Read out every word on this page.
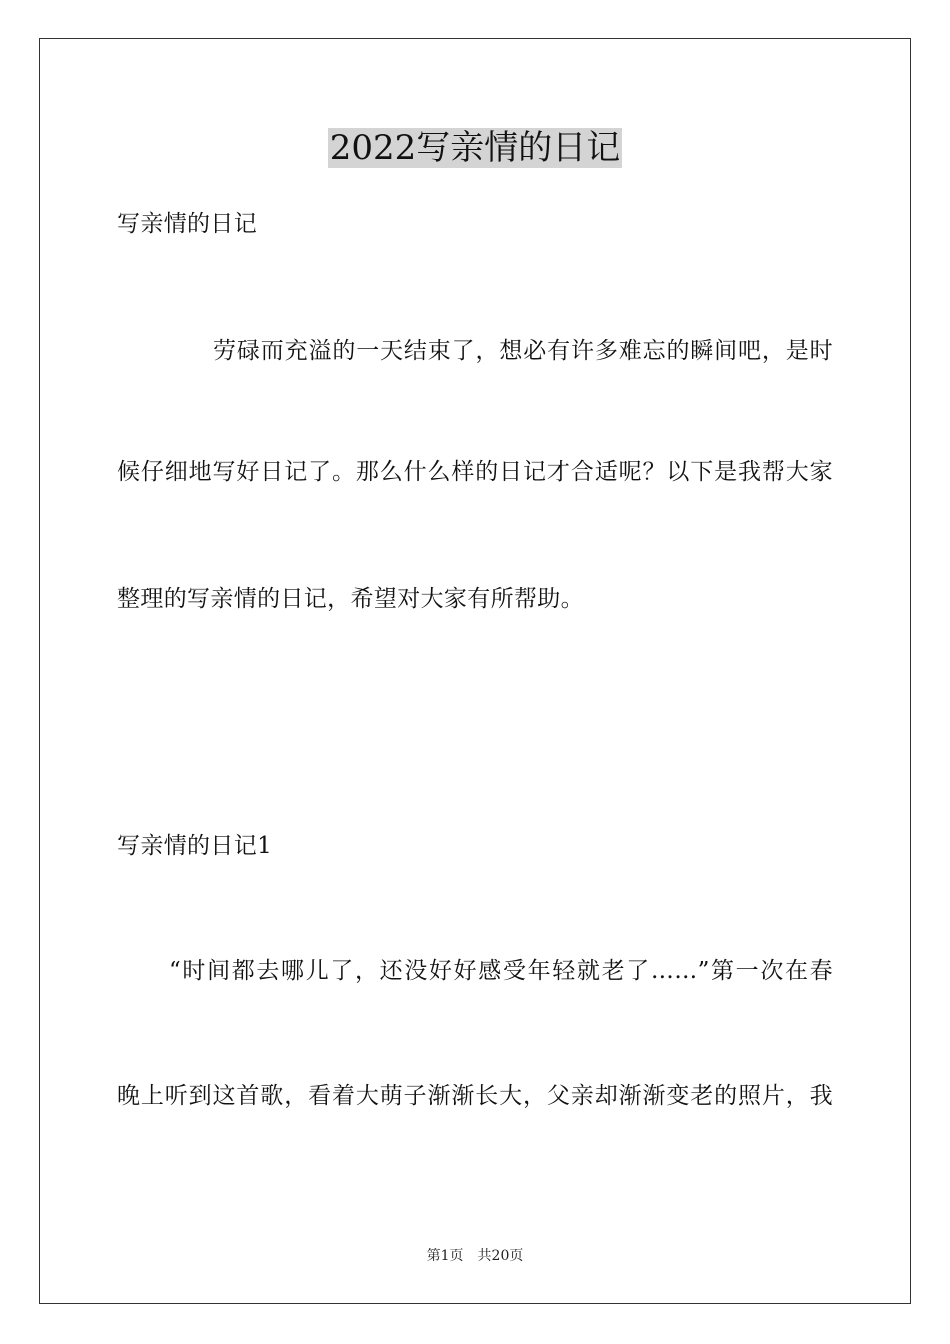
2022写亲情的日记
写亲情的日记
劳碌而充溢的一天结束了，想必有许多难忘的瞬间吧，是时
候仔细地写好日记了。那么什么样的日记才合适呢？以下是我帮大家
整理的写亲情的日记，希望对大家有所帮助。
写亲情的日记1
“时间都去哪儿了，还没好好感受年轻就老了……”第一次在春
晚上听到这首歌，看着大萌子渐渐长大，父亲却渐渐变老的照片，我
第1页 共20页
